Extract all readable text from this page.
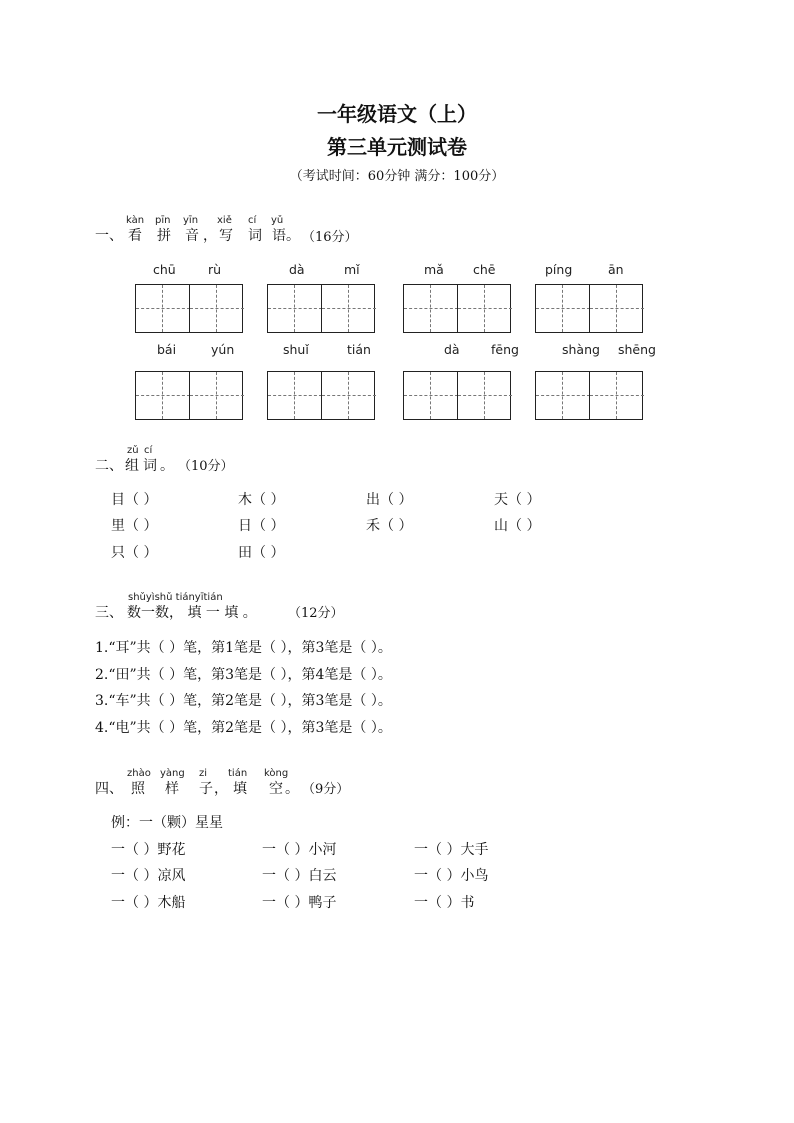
一年级语文（上）
第三单元测试卷
（考试时间：60分钟 满分：100分）
一、
kàn pīn yīn xiě cí yǔ
看 拼 音 ， 写 词 语 。 （16分）
chū	rù	dà	mǐ	mǎ chē	píng	ān
bái	yún	shuǐ	tián	dà	fēng	shàng shēng
二、
zǔ cí
组 词 。 （10分）
目（ ）	木（ ）	出（ ）	天（ ）
里（ ）	日（ ）	禾（ ）	山（ ）
只（ ）	田（ ）
三、
shǔyìshǔ tiányītián
数一数， 填 一 填 。 （12分）
1.“耳”共（ ）笔，第1笔是（ ），第3笔是（ ）。
2.“田”共（ ）笔，第3笔是（ ），第4笔是（ ）。
3.“车”共（ ）笔，第2笔是（ ），第3笔是（ ）。
4.“电”共（ ）笔，第2笔是（ ），第3笔是（ ）。
四、
zhào yàng zi tián kòng
照 样 子 ， 填 空 。 （9分）
例：一（颗）星星
一（ ）野花	一（ ）小河	一（ ）大手
一（ ）凉风	一（ ）白云	一（ ）小鸟
一（ ）木船	一（ ）鸭子	一（ ）书
